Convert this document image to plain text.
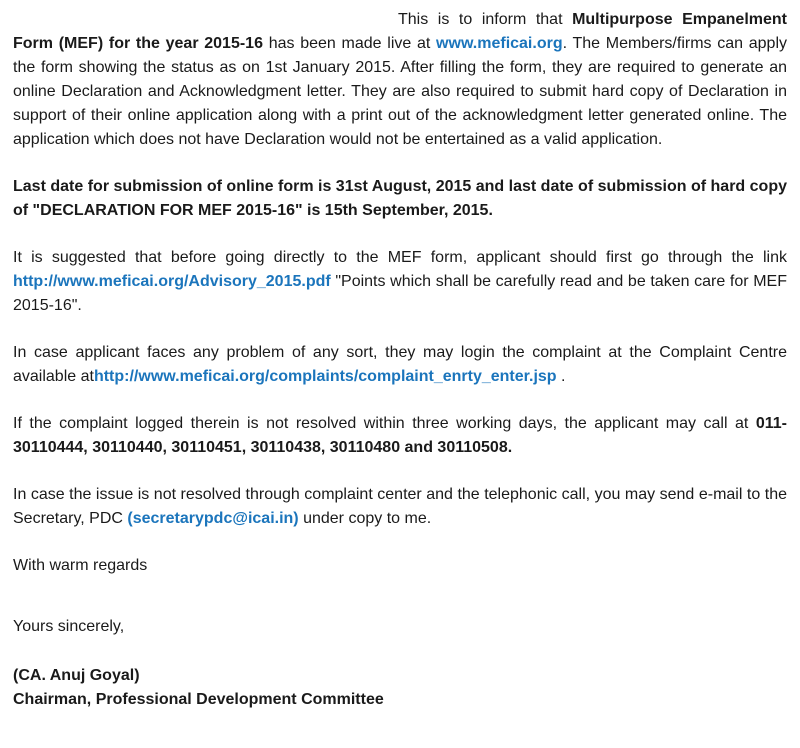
This is to inform that Multipurpose Empanelment Form (MEF) for the year 2015-16 has been made live at www.meficai.org. The Members/firms can apply the form showing the status as on 1st January 2015. After filling the form, they are required to generate an online Declaration and Acknowledgment letter. They are also required to submit hard copy of Declaration in support of their online application along with a print out of the acknowledgment letter generated online. The application which does not have Declaration would not be entertained as a valid application.

Last date for submission of online form is 31st August, 2015 and last date of submission of hard copy of "DECLARATION FOR MEF 2015-16" is 15th September, 2015.

It is suggested that before going directly to the MEF form, applicant should first go through the link http://www.meficai.org/Advisory_2015.pdf "Points which shall be carefully read and be taken care for MEF 2015-16".

In case applicant faces any problem of any sort, they may login the complaint at the Complaint Centre available athttp://www.meficai.org/complaints/complaint_enrty_enter.jsp .

If the complaint logged therein is not resolved within three working days, the applicant may call at 011-30110444, 30110440, 30110451, 30110438, 30110480 and 30110508.

In case the issue is not resolved through complaint center and the telephonic call, you may send e-mail to the Secretary, PDC (secretarypdc@icai.in) under copy to me.

With warm regards

Yours sincerely,

(CA. Anuj Goyal)
Chairman, Professional Development Committee
